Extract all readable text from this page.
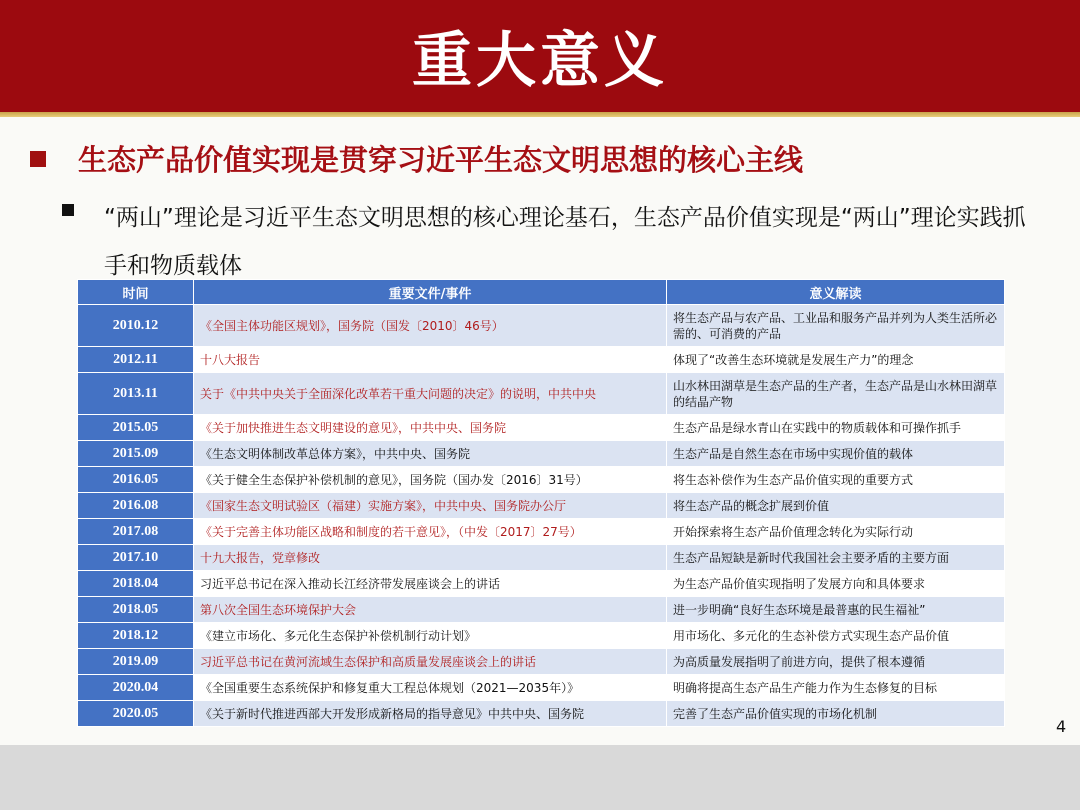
重大意义
生态产品价值实现是贯穿习近平生态文明思想的核心主线
“两山”理论是习近平生态文明思想的核心理论基石，生态产品价值实现是“两山”理论实践抓手和物质载体
时间	重要文件/事件	意义解读
2010.12	《全国主体功能区规划》，国务院（国发〔2010〕46号）	将生态产品与农产品、工业品和服务产品并列为人类生活所必需的、可消费的产品
2012.11	十八大报告	体现了“改善生态环境就是发展生产力”的理念
2013.11	关于《中共中央关于全面深化改革若干重大问题的决定》的说明，中共中央	山水林田湖草是生态产品的生产者，生态产品是山水林田湖草的结晶产物
2015.05	《关于加快推进生态文明建设的意见》，中共中央、国务院	生态产品是绿水青山在实践中的物质载体和可操作抓手
2015.09	《生态文明体制改革总体方案》，中共中央、国务院	生态产品是自然生态在市场中实现价值的载体
2016.05	《关于健全生态保护补偿机制的意见》，国务院（国办发〔2016〕31号）	将生态补偿作为生态产品价值实现的重要方式
2016.08	《国家生态文明试验区（福建）实施方案》，中共中央、国务院办公厅	将生态产品的概念扩展到价值
2017.08	《关于完善主体功能区战略和制度的若干意见》，（中发〔2017〕27号）	开始探索将生态产品价值理念转化为实际行动
2017.10	十九大报告，党章修改	生态产品短缺是新时代我国社会主要矛盾的主要方面
2018.04	习近平总书记在深入推动长江经济带发展座谈会上的讲话	为生态产品价值实现指明了发展方向和具体要求
2018.05	第八次全国生态环境保护大会	进一步明确“良好生态环境是最普惠的民生福祉”
2018.12	《建立市场化、多元化生态保护补偿机制行动计划》	用市场化、多元化的生态补偿方式实现生态产品价值
2019.09	习近平总书记在黄河流域生态保护和高质量发展座谈会上的讲话	为高质量发展指明了前进方向，提供了根本遵循
2020.04	《全国重要生态系统保护和修复重大工程总体规划（2021—2035年）》	明确将提高生态产品生产能力作为生态修复的目标
2020.05	《关于新时代推进西部大开发形成新格局的指导意见》中共中央、国务院	完善了生态产品价值实现的市场化机制
4
